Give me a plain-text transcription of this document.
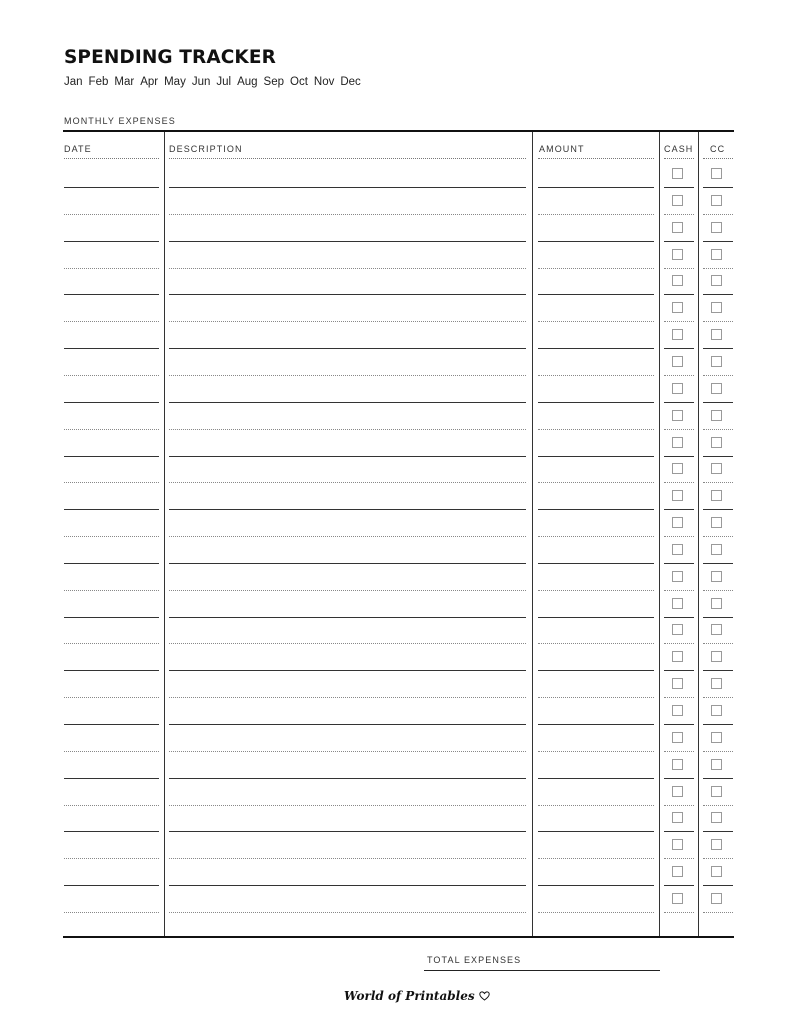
SPENDING TRACKER
Jan Feb Mar Apr May Jun Jul Aug Sep Oct Nov Dec
MONTHLY EXPENSES
DATE	DESCRIPTION	AMOUNT	CASH CC
TOTAL EXPENSES
World of Printables
